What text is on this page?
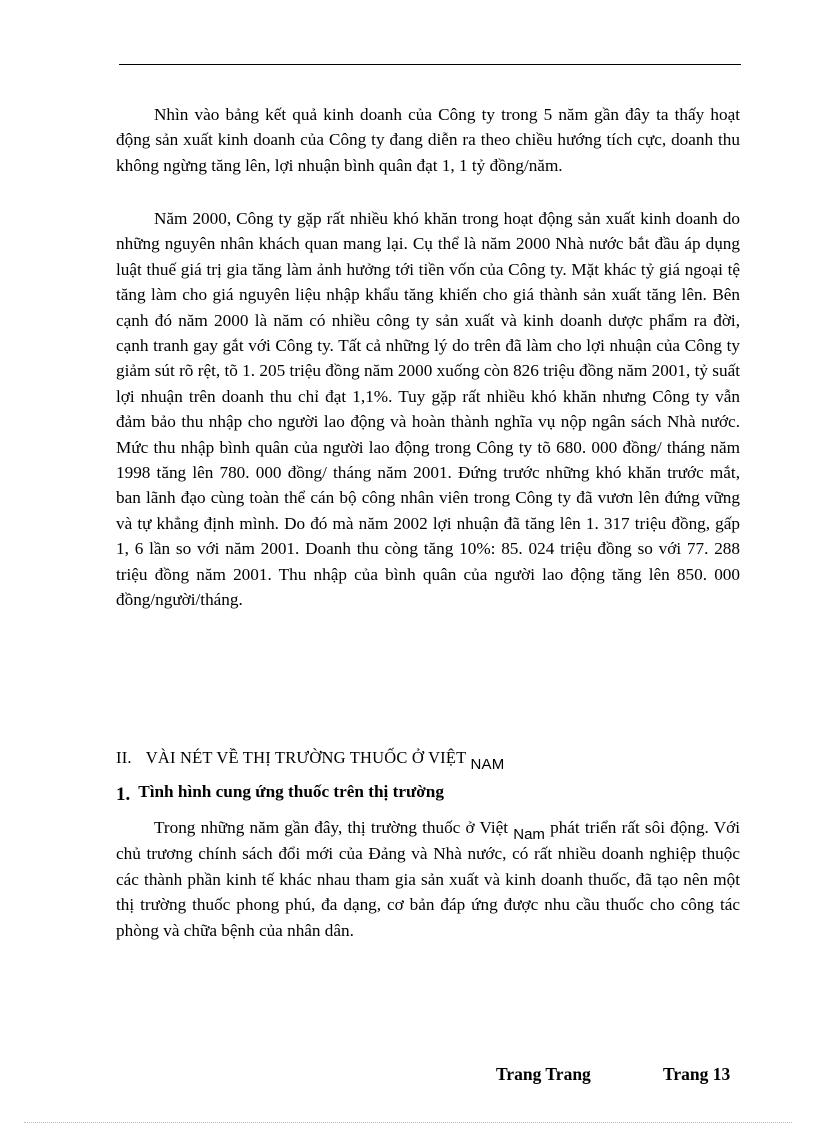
Nhìn vào bảng kết quả kinh doanh của Công ty trong 5 năm gần đây ta thấy hoạt động sản xuất kinh doanh của Công ty đang diễn ra theo chiều hướng tích cực, doanh thu không ngừng tăng lên, lợi nhuận bình quân đạt 1, 1 tỷ đồng/năm.

Năm 2000, Công ty gặp rất nhiều khó khăn trong hoạt động sản xuất kinh doanh do những nguyên nhân khách quan mang lại. Cụ thể là năm 2000 Nhà nước bắt đầu áp dụng luật thuế giá trị gia tăng làm ảnh hưởng tới tiền vốn của Công ty. Mặt khác tỷ giá ngoại tệ tăng làm cho giá nguyên liệu nhập khẩu tăng khiến cho giá thành sản xuất tăng lên. Bên cạnh đó năm 2000 là năm có nhiều công ty sản xuất và kinh doanh dược phẩm ra đời, cạnh tranh gay gắt với Công ty. Tất cả những lý do trên đã làm cho lợi nhuận của Công ty giảm sút rõ rệt, tõ 1. 205 triệu đồng năm 2000 xuống còn 826 triệu đồng năm 2001, tỷ suất lợi nhuận trên doanh thu chỉ đạt 1,1%. Tuy gặp rất nhiều khó khăn nhưng Công ty vẫn đảm bảo thu nhập cho người lao động và hoàn thành nghĩa vụ nộp ngân sách Nhà nước. Mức thu nhập bình quân của người lao động trong Công ty tõ 680. 000 đồng/ tháng năm 1998 tăng lên 780. 000 đồng/ tháng năm 2001. Đứng trước những khó khăn trước mắt, ban lãnh đạo cùng toàn thể cán bộ công nhân viên trong Công ty đã vươn lên đứng vững và tự khẳng định mình. Do đó mà năm 2002 lợi nhuận đã tăng lên 1. 317 triệu đồng, gấp 1, 6 lần so với năm 2001. Doanh thu còng tăng 10%: 85. 024 triệu đồng so với 77. 288 triệu đồng năm 2001. Thu nhập của bình quân của người lao động tăng lên 850. 000 đồng/người/tháng.

II. VÀI NÉT VỀ THỊ TRƯỜNG THUỐC Ở VIỆT NAM
1. Tình hình cung ứng thuốc trên thị trường

Trong những năm gần đây, thị trường thuốc ở Việt Nam phát triển rất sôi động. Với chủ trương chính sách đổi mới của Đảng và Nhà nước, có rất nhiều doanh nghiệp thuộc các thành phần kinh tế khác nhau tham gia sản xuất và kinh doanh thuốc, đã tạo nên một thị trường thuốc phong phú, đa dạng, cơ bản đáp ứng được nhu cầu thuốc cho công tác phòng và chữa bệnh của nhân dân.

Trang Trang	Trang 13
